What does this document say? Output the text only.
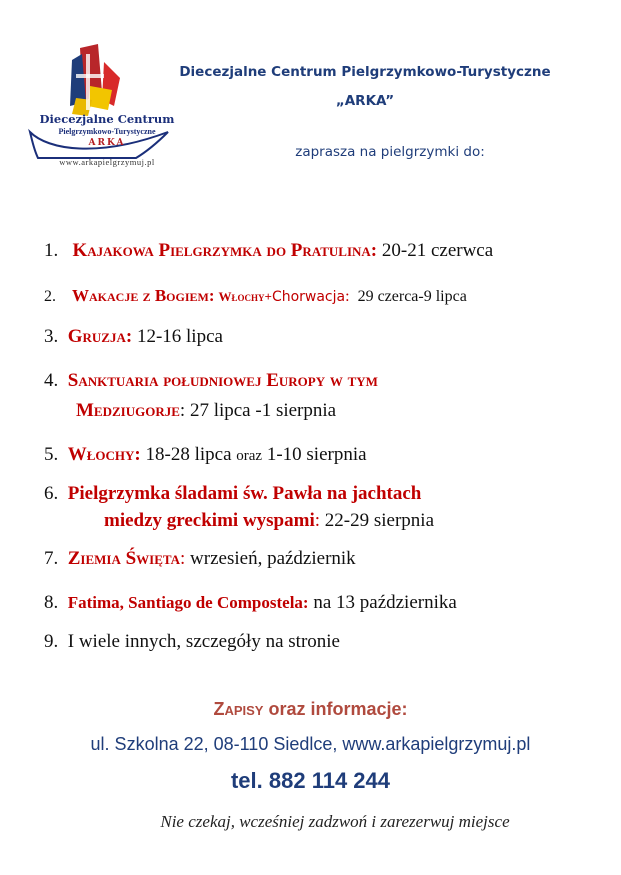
Diecezjalne Centrum
Pielgrzymkowo-Turystyczne
ARKA
www.arkapielgrzymuj.pl
Diecezjalne Centrum Pielgrzymkowo-Turystyczne
„ARKA”
zaprasza na pielgrzymki do:
1. Kajakowa Pielgrzymka do Pratulina: 20-21 czerwca
2. Wakacje z Bogiem: Włochy+Chorwacja: 29 czerca-9 lipca
3. Gruzja: 12-16 lipca
4. Sanktuaria południowej Europy w tym
Medziugorje: 27 lipca -1 sierpnia
5. Włochy: 18-28 lipca oraz 1-10 sierpnia
6. Pielgrzymka śladami św. Pawła na jachtach
miedzy greckimi wyspami: 22-29 sierpnia
7. Ziemia Święta: wrzesień, październik
8. Fatima, Santiago de Compostela: na 13 października
9. I wiele innych, szczegóły na stronie
Zapisy oraz informacje:
ul. Szkolna 22, 08-110 Siedlce, www.arkapielgrzymuj.pl
tel. 882 114 244
Nie czekaj, wcześniej zadzwoń i zarezerwuj miejsce
